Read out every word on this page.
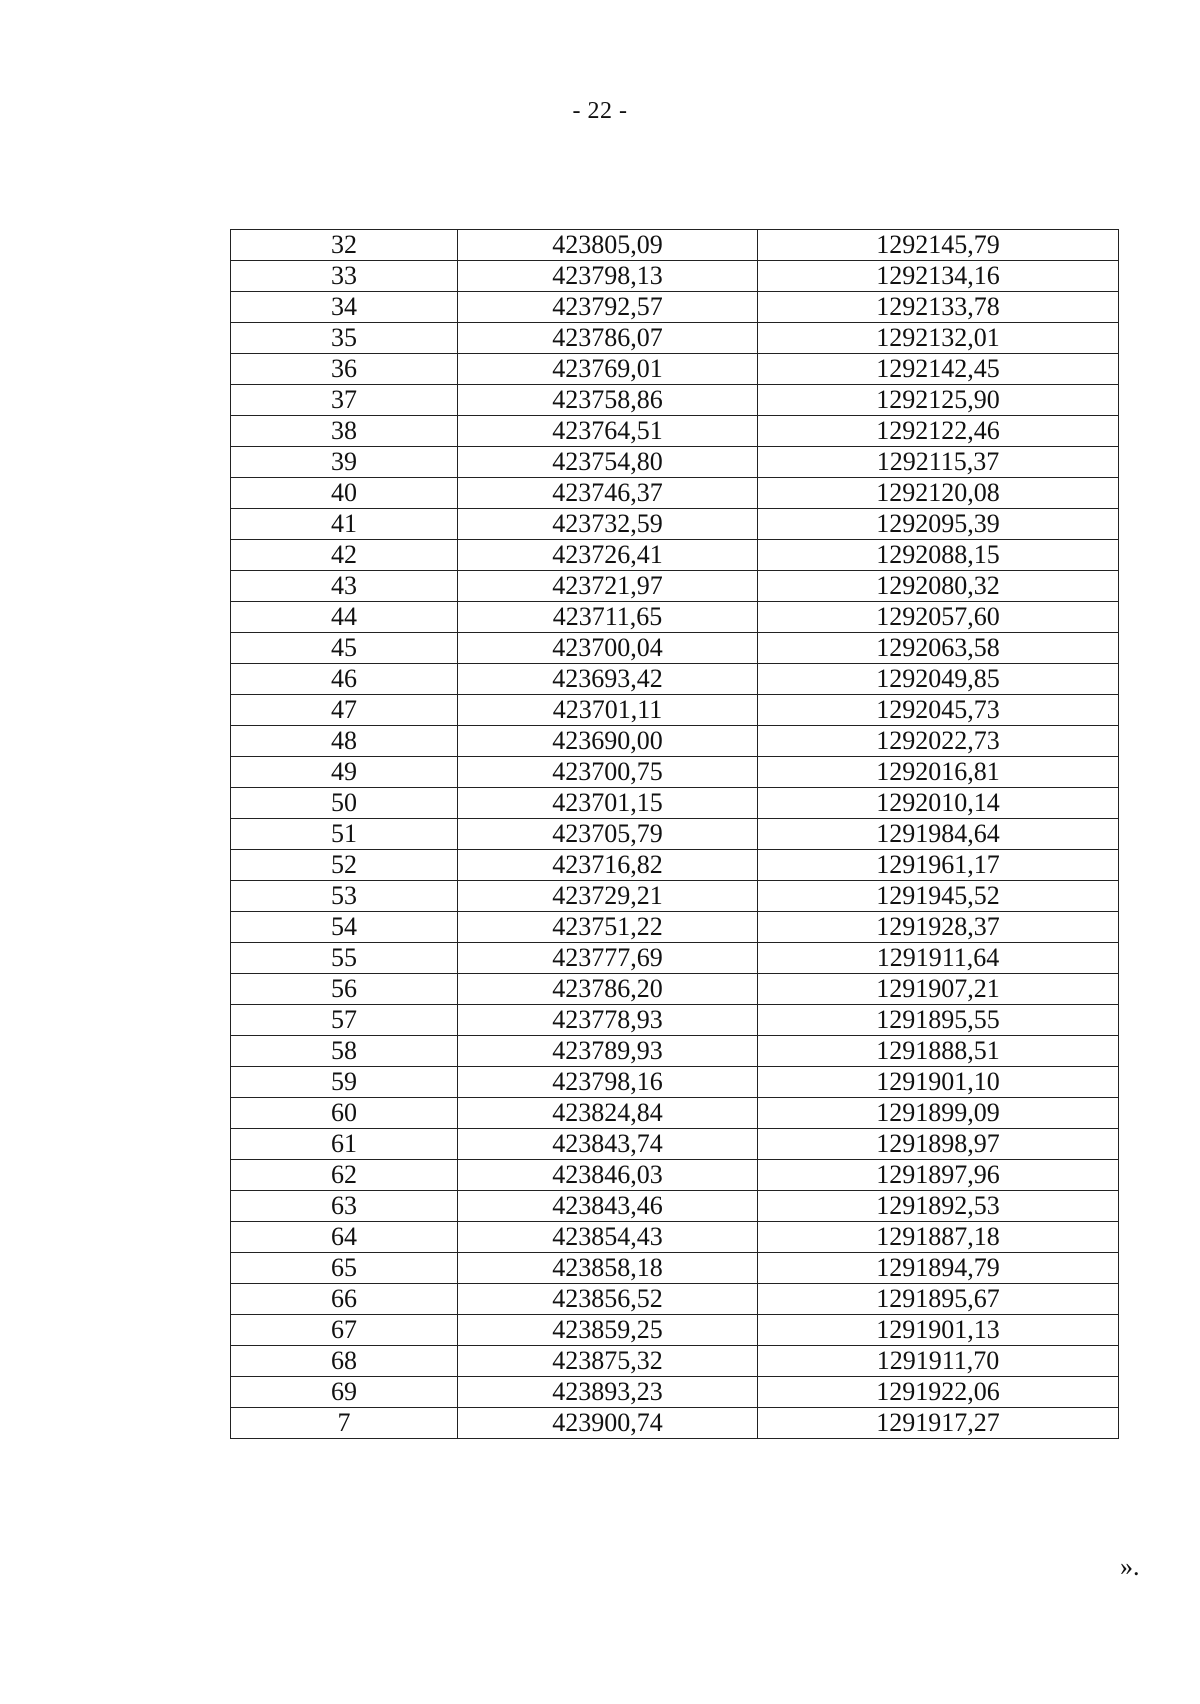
- 22 -
32	423805,09	1292145,79
33	423798,13	1292134,16
34	423792,57	1292133,78
35	423786,07	1292132,01
36	423769,01	1292142,45
37	423758,86	1292125,90
38	423764,51	1292122,46
39	423754,80	1292115,37
40	423746,37	1292120,08
41	423732,59	1292095,39
42	423726,41	1292088,15
43	423721,97	1292080,32
44	423711,65	1292057,60
45	423700,04	1292063,58
46	423693,42	1292049,85
47	423701,11	1292045,73
48	423690,00	1292022,73
49	423700,75	1292016,81
50	423701,15	1292010,14
51	423705,79	1291984,64
52	423716,82	1291961,17
53	423729,21	1291945,52
54	423751,22	1291928,37
55	423777,69	1291911,64
56	423786,20	1291907,21
57	423778,93	1291895,55
58	423789,93	1291888,51
59	423798,16	1291901,10
60	423824,84	1291899,09
61	423843,74	1291898,97
62	423846,03	1291897,96
63	423843,46	1291892,53
64	423854,43	1291887,18
65	423858,18	1291894,79
66	423856,52	1291895,67
67	423859,25	1291901,13
68	423875,32	1291911,70
69	423893,23	1291922,06
7	423900,74	1291917,27
».
